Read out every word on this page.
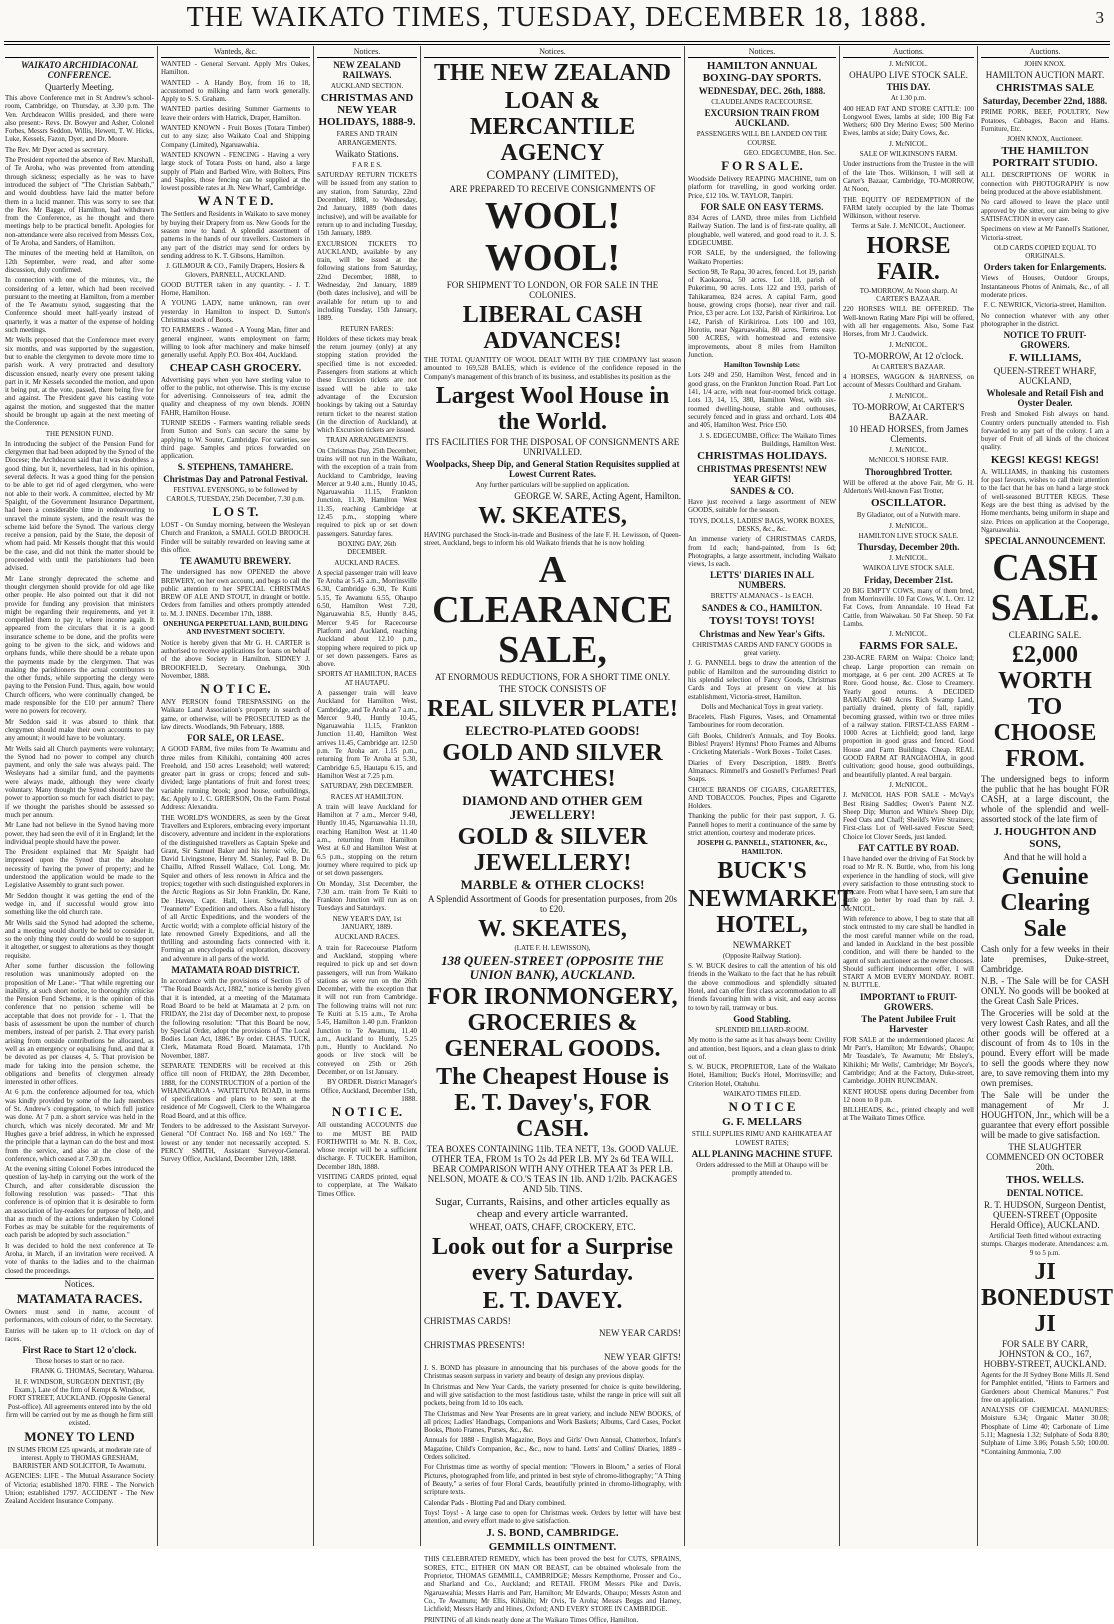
THE WAIKATO TIMES, TUESDAY, DECEMBER 18, 1888.	3

WAIKATO ARCHIDIACONAL CONFERENCE.

Quarterly Meeting.

This above Conference met in St Andrew's school-room, Cambridge, on Thursday, at 3.30 p.m. The Ven. Archdeacon Willis presided, and there were also present:- Revs. Dr. Bowyer and Asher, Colonel Forbes, Messrs Seddon, Willis, Hewett, T. W. Hicks, Luke, Kessels, Fazon, Dyer, and Dr. Moore.

The Rev. Mr Dyer acted as secretary.

The President reported the absence of Rev. Marshall, of Te Aroha, who was prevented from attending through sickness; especially as he was to have introduced the subject of "The Christian Sabbath," and would doubtless have laid the matter before them in a lucid manner. This was sorry to see that the Rev. Mr Bagge, of Hamilton, had withdrawn from the Conference, as he thought and there meetings help to be practical benefit. Apologies for non-attendance were also received from Messrs Cox, of Te Aroha, and Sanders, of Hamilton.

The minutes of the meeting held at Hamilton, on 12th September, were read, and after some discussion, duly confirmed.

In connection with one of the minutes, viz., the considering of a letter, which had been received pursuant to the meeting at Hamilton, from a member of the Te Awamutu synod, suggesting that the Conference should meet half-yearly instead of quarterly, it was a matter of the expense of holding such meetings.

Mr Wells proposed that the Conference meet every six months, and was supported by the suggestion, but to enable the clergymen to devote more time to parish work. A very protracted and desultory discussion ensued, nearly every one present taking part in it. Mr Kessels seconded the motion, and upon it being put, at the vote, passed, there being five for and against. The President gave his casting vote against the motion, and suggested that the matter should be brought up again at the next meeting of the Conference.

THE PENSION FUND.

In introducing the subject of the Pension Fund for clergymen that had been adopted by the Synod of the Diocese; the Archdeacon said that it was doubtless a good thing, but it, nevertheless, had in his opinion, several defects. It was a good thing for the pension to be able to get rid of aged clergymen, who were not able to their work. A committee, elected by Mr Spaight, of the Government Insurance Department, had been a considerable time in endeavouring to unravel the minute system, and the result was the scheme laid before the Synod. The various clergy receive a pension, paid by the State, the deposit of whom had paid. Mr Kessels thought that this would be the case, and did not think the matter should be proceeded with until the parishioners had been advised.

Mr Lane strongly deprecated the scheme and thought clergymen should provide for old age like other people. He also pointed out that it did not provide for funding any provision that ministers might be regarding their requirements, and yet it compelled them to pay it, where income again. It appeared from the circulars that it is a good insurance scheme to be done, and the profits were going to be given to the sick, and widows and orphans funds, while there should be a rebate upon the payments made by the clergymen. That was making the parishioners the actual contributors to the other funds, while supporting the clergy were paying to the Pension Fund. Thus, again, how would Church officers, who were continually changed, be made responsible for the £10 per annum? There were no powers for recovery.

Mr Seddon said it was absurd to think that clergymen should make their own accounts to pay any amount; it would have to be voluntary.

Mr Wells said all Church payments were voluntary; the Synod had no power to compel any church payment, and only the sale was always paid. The Wesleyans had a similar fund, and the payments were always made, although they were clearly voluntary. Many thought the Synod should have the power to apportion so much for each district to pay; if we thought the parishes should be assessed so much per annum.

Mr Lane had not believe in the Synod having more power, they had seen the evil of it in England; let the individual people should have the power.

The President explained that Mr Spaight had impressed upon the Synod that the absolute necessity of having the power of property; and he understood the application would be made to the Legislative Assembly to grant such power.

Mr Seddon thought it was getting the end of the wedge in, and if successful would grow into something like the old church rate.

Mr Wells said the Synod had adopted the scheme, and a meeting would shortly be held to consider it, so the only thing they could do would be to support it altogether, or suggest to alterations as they thought requisite.

After some further discussion the following resolution was unanimously adopted on the proposition of Mr Lane:- "That while regretting our inability, at such short notice, to thoroughly criticise the Pension Fund Scheme, it is the opinion of this conference that no pension scheme will be acceptable that does not provide for - 1. That the basis of assessment be upon the number of church members, instead of per parish. 2. That every parish arising from outside contributions be allocated, as well as an emergency or equalising fund, and that it be devoted as per clauses 4, 5. That provision be made for taking into the pension scheme, the obligations and benefits of clergymen already interested in other offices.

At 6 p.m. the conference adjourned for tea, which was kindly provided by some of the lady members of St. Andrew's congregation, to which full justice was done. At 7 p.m. a short service was held in the church, which was nicely decorated. Mr and Mr Hughes gave a brief address, in which he expressed the principle that a layman can do the best and most from the service, and also at the close of the conference, which ceased at 7.30 p.m.

At the evening sitting Colonel Forbes introduced the question of lay-help in carrying out the work of the Church, and after considerable discussion the following resolution was passed:- "That this conference is of opinion that it is desirable to form an association of lay-readers for purpose of help, and that as much of the actions undertaken by Colonel Forbes as may be suitable for the requirements of each parish be adopted by such association."

It was decided to hold the next conference at Te Aroha, in March, if an invitation were received. A vote of thanks to the ladies and to the chairman closed the proceedings.

Notices.

MATAMATA RACES.

Owners must send in name, account of performances, with colours of rider, to the Secretary.

Entries will be taken up to 11 o'clock on day of races.

First Race to Start 12 o'clock.

Those horses to start or no race.

FRANK G. THOMAS, Secretary, Waharoa.

H. F. WINDSOR, SURGEON DENTIST, (By Exam.), Late of the firm of Kempt & Windsor, FORT STREET, AUCKLAND. (Opposite General Post-office). All agreements entered into by the old firm will be carried out by me as though he firm still existed.

MONEY TO LEND

IN SUMS FROM £25 upwards, at moderate rate of interest. Apply to THOMAS GRESHAM, BARRISTER AND SOLICITOR, Te Awamutu.

AGENCIES: LIFE - The Mutual Assurance Society of Victoria; established 1870. FIRE - The Norwich Union; established 1797. ACCIDENT - The New Zealand Accident Insurance Company.

Wanteds, &c.

WANTED - General Servant. Apply Mrs Oakes, Hamilton.

WANTED - A Handy Boy, from 16 to 18, accustomed to milking and farm work generally. Apply to S. S. Graham.

WANTED parties desiring Summer Garments to leave their orders with Hatrick, Draper, Hamilton.

WANTED KNOWN - Fruit Boxes (Totara Timber) cut to any size; also Waikato Coal and Shipping Company (Limited), Ngaruawahia.

WANTED KNOWN - FENCING - Having a very large stock of Totara Posts on hand, also a large supply of Plain and Barbed Wire, with Bolters, Pins and Staples, those fencing can be supplied at the lowest possible rates at Jh. New Wharf, Cambridge.

W A N T E D.

The Settlers and Residents in Waikato to save money by buying their Drapery from us. New Goods for the season now to hand. A splendid assortment of patterns in the hands of our travellers. Customers in any part of the district may send for orders by sending address to K. T. Gibsons, Hamilton.

J. GILMOUR & CO., Family Drapers, Hosiers & Glovers, PARNELL, AUCKLAND.

GOOD BUTTER taken in any quantity. - J. T. Horne, Hamilton.

A YOUNG LADY, name unknown, ran over yesterday in Hamilton to inspect D. Sutton's Christmas stock of Boots.

TO FARMERS - Wanted - A Young Man, fitter and general engineer, wants employment on farm; willing to look after machinery and make himself generally useful. Apply P.O. Box 404, Auckland.

CHEAP CASH GROCERY.

Advertising pays when you have sterling value to offer to the public, not otherwise. This is my excuse for advertising. Connoisseurs of tea, admit the quality and cheapness of my own blends. JOHN FAHR, Hamilton House.

TURNIP SEEDS - Farmers wanting reliable seeds from Sutton and Son's can secure the same by applying to W. Souter, Cambridge. For varieties, see third page. Samples and prices forwarded on application.

S. STEPHENS, TAMAHERE.

Christmas Day and Patronal Festival.

FESTIVAL EVENSONG, to be followed by CAROLS, TUESDAY, 25th December, 7.30 p.m.

L O S T.

LOST - On Sunday morning, between the Wesleyan Church and Frankton, a SMALL GOLD BROOCH. Finder will be suitably rewarded on leaving same at this office.

TE AWAMUTU BREWERY.

The undersigned has now OPENED the above BREWERY, on her own account, and begs to call the public attention to her SPECIAL CHRISTMAS BREW OF ALE AND STOUT, in draught or bottle. Orders from families and others promptly attended to. M. J. INNES. December 17th, 1888.

ONEHUNGA PERPETUAL LAND, BUILDING AND INVESTMENT SOCIETY.

Notice is hereby given that Mr G. H. CARTER is authorised to receive applications for loans on behalf of the above Society in Hamilton. SIDNEY J. BROOKFIELD, Secretary. Onehunga, 30th November, 1888.

N O T I C E.

ANY PERSON found TRESPASSING on the Waikato Land Association's property in search of game, or otherwise, will be PROSECUTED as the law directs. Woodlands, 9th February, 1888.

FOR SALE, OR LEASE.

A GOOD FARM, five miles from Te Awamutu and three miles from Kihikihi, containing 400 acres Freehold, and 150 acres Leasehold; well watered; greater part in grass or crops; fenced and sub-divided; large plantations of fruit and forest trees; variable running brook; good house, outbuildings, &c. Apply to J. C. GRIERSON, On the Farm. Postal Address: Alexandra.

THE WORLD'S WONDERS, as seen by the Great Travellers and Explorers, embracing every important discovery, adventure and incident in the explorations of the distinguished travellers as Captain Speke and Grant, Sir Samuel Baker and his heroic wife, Dr. David Livingstone, Henry M. Stanley, Paul B. Du Chaillu, Alfred Russell Wallace, Col. Long, Mr. Squier and others of less renown in Africa and the tropics; together with such distinguished explorers in the Arctic Regions as Sir John Franklin, Dr. Kane, De Haven, Capt. Hall, Lieut. Schwatka, the "Jeannette" Expedition and others. Also a full history of all Arctic Expeditions, and the wonders of the Arctic world; with a complete official history of the late renowned Greely Expeditions, and all the thrilling and astounding facts connected with it. Forming an encyclopedia of exploration, discovery and adventure in all parts of the world.

MATAMATA ROAD DISTRICT.

In accordance with the provisions of Section 15 of "The Road Boards Act, 1882," notice is hereby given that it is intended, at a meeting of the Matamata Road Board to be held at Matamata at 2 p.m. on FRIDAY, the 21st day of December next, to propose the following resolution: "That this Board be now, by Special Order, adopt the provisions of The Local Bodies Loan Act, 1886." By order. CHAS. TUCK, Clerk, Matamata Road Board. Matamata, 17th November, 1887.

SEPARATE TENDERS will be received at this office till noon of FRIDAY, the 28th December, 1888, for the CONSTRUCTION of a portion of the WHAINGAROA - WAITETUNA ROAD, in terms of specifications and plans to be seen at the residence of Mr Cogswell, Clerk to the Whaingaroa Road Board, and at this office.

Tenders to be addressed to the Assistant Surveyor-General "Of Contract No. 168 and No 169." The lowest or any tender not necessarily accepted. S. PERCY SMITH, Assistant Surveyor-General. Survey Office, Auckland, December 12th, 1888.

Notices.

NEW ZEALAND RAILWAYS.

AUCKLAND SECTION.

CHRISTMAS AND NEW YEAR HOLIDAYS, 1888-9.

FARES AND TRAIN ARRANGEMENTS.

Waikato Stations.

F A R E S.

SATURDAY RETURN TICKETS will be issued from any station to any station, from Saturday, 22nd December, 1888, to Wednesday, 2nd January, 1889 (both dates inclusive), and will be available for return up to and including Tuesday, 15th January, 1889.

EXCURSION TICKETS TO AUCKLAND, available by any train, will be issued at the following stations from Saturday, 22nd December, 1888, to Wednesday, 2nd January, 1889 (both dates inclusive), and will be available for return up to and including Tuesday, 15th January, 1889.

RETURN FARES:

Holders of these tickets may break the return journey (only) at any stopping station provided the specified time is not exceeded. Passengers from stations at which these Excursion tickets are not issued will be able to take advantage of the Excursion bookings by taking out a Saturday return ticket to the nearest station (in the direction of Auckland), at which Excursion tickets are issued.

TRAIN ARRANGEMENTS.

On Christmas Day, 25th December, trains will not run in the Waikato, with the exception of a train from Auckland to Cambridge, leaving Mercer at 9.40 a.m., Huntly 10.45, Ngaruawahia 11.15, Frankton Junction, 11.30, Hamilton West 11.35, reaching Cambridge at 12.45 p.m., stopping where required to pick up or set down passengers. Saturday fares.

BOXING DAY, 26th DECEMBER.

AUCKLAND RACES.

A special passenger train will leave Te Aroha at 5.45 a.m., Morrinsville 6.30, Cambridge 6.30, Te Kuiti 5.15, Te Awamutu 6.55, Ohaupo 6.50, Hamilton West 7.20, Ngaruawahia 8.5, Huntly 8.45, Mercer 9.45 for Racecourse Platform and Auckland, reaching Auckland about 12.10 p.m., stopping where required to pick up or set down passengers. Fares as above.

SPORTS AT HAMILTON, RACES AT HAUTAPU.

A passenger train will leave Auckland for Hamilton West, Cambridge, and Te Aroha at 7 a.m., Mercer 9.40, Huntly 10.45, Ngaruawahia 11.15, Frankton Junction 11.40, Hamilton West arrives 11.45, Cambridge arr. 12.50 p.m. Te Aroha arr. 1.15 p.m., returning from Te Aroha at 5.30, Cambridge 6.5, Hautapu 6.15, and Hamilton West at 7.25 p.m.

SATURDAY, 29th DECEMBER.

RACES AT HAMILTON.

A train will leave Auckland for Hamilton at 7 a.m., Mercer 9.40, Huntly 10.45, Ngaruawahia 11.10, reaching Hamilton West at 11.40 a.m., returning from Hamilton West at 6.0 and Hamilton West at 6.5 p.m., stopping on the return journey where required to pick up or set down passengers.

On Monday, 31st December, the 7.30 a.m. train from Te Kuiti to Frankton Junction will run as on Tuesdays and Saturdays.

NEW YEAR'S DAY, 1st JANUARY, 1889.

AUCKLAND RACES.

A train for Racecourse Platform and Auckland, stopping where required to pick up and set down passengers, will run from Waikato stations as were run on the 26th December, with the exception that it will not run from Cambridge. The following trains will not run: Te Kuiti at 5.15 a.m., Te Aroha 5.45, Hamilton 1.40 p.m. Frankton Junction to Te Awamutu, 11.40 a.m., Auckland to Huntly, 5.25 p.m., Huntly to Auckland. No goods or live stock will be conveyed on 25th or 26th December, or on 1st January.

BY ORDER. District Manager's Office, Auckland, December 15th, 1888.

N O T I C E.

All outstanding ACCOUNTS due to me MUST BE PAID FORTHWITH to Mr. N. B. Cox, whose receipt will be a sufficient discharge. F. TUCKER. Hamilton, December 18th, 1888.

VISITING CARDS printed, equal to copperplate, at The Waikato Times Office.

Notices.

THE NEW ZEALAND

LOAN & MERCANTILE AGENCY

COMPANY (LIMITED),

ARE PREPARED TO RECEIVE CONSIGNMENTS OF

WOOL!

WOOL!

FOR SHIPMENT TO LONDON, OR FOR SALE IN THE COLONIES.

LIBERAL CASH ADVANCES!

THE TOTAL QUANTITY OF WOOL DEALT WITH BY THE COMPANY last season amounted to 169,528 BALES, which is evidence of the confidence reposed in the Company's management of this branch of its business, and establishes its position as the

Largest Wool House in the World.

ITS FACILITIES FOR THE DISPOSAL OF CONSIGNMENTS ARE UNRIVALLED.

Woolpacks, Sheep Dip, and General Station Requisites supplied at Lowest Current Rates.

Any further particulars will be supplied on application.

GEORGE W. SARE, Acting Agent, Hamilton.

W. SKEATES,

HAVING purchased the Stock-in-trade and Business of the late F. H. Lewisson, of Queen-street, Auckland, begs to inform his old Waikato friends that he is now holding

A CLEARANCE SALE,

AT ENORMOUS REDUCTIONS, FOR A SHORT TIME ONLY.

THE STOCK CONSISTS OF

REAL SILVER PLATE!

ELECTRO-PLATED GOODS!

GOLD AND SILVER WATCHES!

DIAMOND AND OTHER GEM JEWELLERY!

GOLD & SILVER JEWELLERY!

MARBLE & OTHER CLOCKS!

A Splendid Assortment of Goods for presentation purposes, from 20s to £20.

W. SKEATES,

(LATE F. H. LEWISSON),

138 QUEEN-STREET (OPPOSITE THE UNION BANK), AUCKLAND.

FOR IRONMONGERY, GROCERIES & GENERAL GOODS.

The Cheapest House is E. T. Davey's, FOR CASH.

TEA BOXES CONTAINING 11lb. TEA NETT, 13s. GOOD VALUE. OTHER TEA, FROM 1s TO 2s 4d PER LB. MY 2s 6d TEA WILL BEAR COMPARISON WITH ANY OTHER TEA AT 3s PER LB. NELSON, MOATE & CO.'S TEAS IN 1lb. AND 1/2lb. PACKAGES AND 5lb. TINS.

Sugar, Currants, Raisins, and other articles equally as cheap and every article warranted.

WHEAT, OATS, CHAFF, CROCKERY, ETC.

Look out for a Surprise every Saturday.

E. T. DAVEY.

CHRISTMAS CARDS!

NEW YEAR CARDS!

CHRISTMAS PRESENTS!

NEW YEAR GIFTS!

J. S. BOND has pleasure in announcing that his purchases of the above goods for the Christmas season surpass in variety and beauty of design any previous display.

In Christmas and New Year Cards, the variety presented for choice is quite bewildering, and will give satisfaction to the most fastidious taste, whilst the range in price will suit all pockets, being from 1d to 10s each.

The Christmas and New Year Presents are in great variety, and include NEW BOOKS, of all prices; Ladies' Handbags, Companions and Work Baskets; Albums, Card Cases, Pocket Books, Photo Frames, Purses, &c., &c.

Annuals for 1888 - English Magazine, Boys and Girls' Own Annual, Chatterbox, Infant's Magazine, Child's Companion, &c., &c., now to hand. Letts' and Collins' Diaries, 1889 - Orders solicited.

For Christmas time as worthy of special mention: "Flowers in Bloom," a series of Floral Pictures, photographed from life, and printed in best style of chromo-lithography; "A Thing of Beauty," a series of four Floral Cards, beautifully printed in chromo-lithography, with scripture texts.

Calendar Pads - Blotting Pad and Diary combined.

Toys! Toys! - A large case to open for Christmas week. Orders by letter will have best attention, and every effort made to give satisfaction.

J. S. BOND, CAMBRIDGE.

GEMMILLS OINTMENT.

THIS CELEBRATED REMEDY, which has been proved the best for CUTS, SPRAINS, SORES, ETC., EITHER ON MAN OR BEAST, can be obtained wholesale from the Proprietor, THOMAS GEMMILL, CAMBRIDGE; Messrs Kempthorne, Prosser and Co., and Sharland and Co., Auckland; and RETAIL FROM Messrs Pike and Davis, Ngaruawahia; Messrs Harris and Parr, Hamilton; Mr Edwards, Ohaupo; Messrs Aston and Co., Te Awamutu; Mr Ellis, Kihikihi; Mr Ovis, Te Aroha; Messrs Beggs and Hamey, Lichfield; Messrs Hardy and Hines, Oxford; AND EVERY STORE IN CAMBRIDGE.

PRINTING of all kinds neatly done at The Waikato Times Office, Hamilton.

Notices.

HAMILTON ANNUAL BOXING-DAY SPORTS.

WEDNESDAY, DEC. 26th, 1888.

CLAUDELANDS RACECOURSE.

EXCURSION TRAIN FROM AUCKLAND.

PASSENGERS WILL BE LANDED ON THE COURSE.

GEO. EDGECUMBE, Hon. Sec.

F O R S A L E.

Woodside Delivery REAPING MACHINE, turn on platform for travelling, in good working order. Price, £12 10s. W. TAYLOR, Tanpiri.

FOR SALE ON EASY TERMS.

834 Acres of LAND, three miles from Lichfield Railway Station. The land is of first-rate quality, all ploughable, well watered, and good road to it. J. S. EDGECUMBE.

FOR SALE, by the undersigned, the following Waikato Properties:

Section 98, Te Rapa, 30 acres, fenced. Lot 19, parish of Kaokaoroa, 50 acres. Lot 118, parish of Pukerimu, 90 acres. Lots 122 and 193, parish of Tahikaramea, 824 acres. A capital Farm, good house, growing crops (horse), near river and rail. Price, £3 per acre. Lot 132, Parish of Kirikiriroa. Lot 142, Parish of Kirikiriroa. Lots 100 and 103, Horotiu, near Ngaruawahia, 80 acres. Terms easy. 500 ACRES, with homestead and extensive improvements, about 8 miles from Hamilton Junction.

Hamilton Township Lots:

Lots 249 and 250, Hamilton West, fenced and in good grass, on the Frankton Junction Road. Part Lot 141, 1/4 acre, with neat four-roomed brick cottage. Lots 13, 14, 15, 380, Hamilton West, with six-roomed dwelling-house, stable and outhouses, securely fenced and in grass and orchard. Lots 404 and 405, Hamilton West. Price £50.

J. S. EDGECUMBE, Office: The Waikato Times Buildings, Hamilton West.

CHRISTMAS HOLIDAYS.

CHRISTMAS PRESENTS! NEW YEAR GIFTS!

SANDES & CO.

Have just received a large assortment of NEW GOODS, suitable for the season.

TOYS, DOLLS, LADIES' BAGS, WORK BOXES, DESKS, &c., &c.

An immense variety of CHRISTMAS CARDS, from 1d each; hand-painted, from 1s 6d; Photographs, a large assortment, including Waikato views, 1s each.

LETTS' DIARIES IN ALL NUMBERS.

BRETTS' ALMANACS - 1s EACH.

SANDES & CO., HAMILTON.

TOYS! TOYS! TOYS!

Christmas and New Year's Gifts.

CHRISTMAS CARDS AND FANCY GOODS in great variety.

J. G. PANNELL begs to draw the attention of the public of Hamilton and the surrounding district to his splendid selection of Fancy Goods, Christmas Cards and Toys at present on view at his establishment, Victoria-street, Hamilton.

Dolls and Mechanical Toys in great variety.

Bracelets, Flash Figures, Vases, and Ornamental Tambourines for room decoration.

Gift Books, Children's Annuals, and Toy Books. Bibles! Prayers! Hymns! Photo Frames and Albums - Cricketing Materials - Work Boxes - Toilet Cases.

Diaries of Every Description, 1889. Brett's Almanacs. Rimmell's and Gosnell's Perfumes! Pearl Soaps.

CHOICE BRANDS OF CIGARS, CIGARETTES, AND TOBACCOS. Pouches, Pipes and Cigarette Holders.

Thanking the public for their past support, J. G. Pannell hopes to merit a continuance of the same by strict attention, courtesy and moderate prices.

JOSEPH G. PANNELL, STATIONER, &c., HAMILTON.

BUCK'S

NEWMARKET HOTEL,

NEWMARKET

(Opposite Railway Station).

S. W. BUCK desires to call the attention of his old friends in the Waikato to the fact that he has rebuilt the above commodious and splendidly situated Hotel, and can offer first class accommodation to all friends favouring him with a visit, and easy access to town by rail, tramway or bus.

Good Stabling.

SPLENDID BILLIARD-ROOM.

My motto is the same as it has always been: Civility and attention, best liquors, and a clean glass to drink out of.

S. W. BUCK, PROPRIETOR, Late of the Waikato Hotel, Hamilton; Buck's Hotel, Morrinsville; and Criterion Hotel, Otahuhu.

WAIKATO TIMES FILED.

N O T I C E

G. F. MELLARS

STILL SUPPLIES RIMU AND KAHIKATEA AT LOWEST RATES;

ALL PLANING MACHINE STUFF.

Orders addressed to the Mill at Ohaupo will be promptly attended to.

Auctions.

J. McNICOL.

OHAUPO LIVE STOCK SALE.

THIS DAY.

At 1.30 p.m.

400 HEAD FAT AND STORE CATTLE: 100 Longwool Ewes, lambs at side; 100 Big Fat Wethers; 600 Dry Merino Ewes; 500 Merino Ewes, lambs at side; Dairy Cows, &c.

J. McNICOL.

SALE OF WILKINSON'S FARM.

Under instructions from the Trustee in the will of the late Thos. Wilkinson, I will sell at Carter's Bazaar, Cambridge, TO-MORROW, At Noon,

THE EQUITY OF REDEMPTION of the FARM lately occupied by the late Thomas Wilkinson, without reserve.

Terms at Sale. J. McNICOL, Auctioneer.

HORSE FAIR.

TO-MORROW, At Noon sharp. At CARTER'S BAZAAR.

220 HORSES WILL BE OFFERED. The Well-known Rating Mare Pipi will be offered, with all her engagements. Also, Some Fast Horses, from Mr J. Caudwick.

J. McNICOL.

TO-MORROW, At 12 o'clock.

At CARTER'S BAZAAR.

4 HORSES, WAGGON & HARNESS, on account of Messrs Coulthard and Graham.

J. McNICOL.

TO-MORROW, At CARTER'S BAZAAR.

10 HEAD HORSES, from James Clements.

J. McNICOL.

McNICOL'S HORSE FAIR.

Thoroughbred Trotter.

Will be offered at the above Fair, Mr G. H. Alderton's Well-known Fast Trotter,

OSCILLATOR.

By Gladiator, out of a Nutwith mare.

J. McNICOL.

HAMILTON LIVE STOCK SALE.

Thursday, December 20th.

J. McNICOL.

WAIKOA LIVE STOCK SALE.

Friday, December 21st.

20 BIG EMPTY COWS, many of them bred, from Morrinsville. 10 Fat Cows, W. L. Orr. 12 Fat Cows, from Annandale. 10 Head Fat Cattle, from Waiwakau. 50 Fat Sheep. 50 Fat Lambs.

J. McNICOL.

FARMS FOR SALE.

230-ACRE FARM on Waipa: Choice land; cheap. Large proportion can remain on mortgage, at 6 per cent. 200 ACRES at Te Rore. Good house, &c. Close to Creamery. Yearly good returns. A DECIDED BARGAIN: 640 Acres Rich Swamp Land, partially drained, plenty of fall, rapidly becoming grassed, within two or three miles of a railway station. FIRST-CLASS FARM - 1000 Acres at Lichfield; good land, large proportion in good grass and fenced. Good House and Farm Buildings. Cheap. REAL GOOD FARM AT RANGIAOHIA, in good cultivation; good house, good outbuildings, and beautifully planted. A real bargain.

J. McNICOL.

J. McNICOL HAS FOR SALE - McVay's Best Rising Saddles; Owen's Patent N.Z. Sheep Dip; Murton and White's Sheep Dip; Feed Oats and Chaff; Sheild's Wire Strainers; First-class Lot of Well-saved Fescue Seed; Choice lot Clover Seeds, just landed.

FAT CATTLE BY ROAD.

I have handed over the driving of Fat Stock by road to Mr R. N. Buttle, who, from his long experience in the handling of stock, will give every satisfaction to those entrusting stock to his care. From what I have seen, I am sure that cattle go better by road than by rail. J. McNICOL.

With reference to above, I beg to state that all stock entrusted to my care shall be handled in the most careful manner while on the road, and landed in Auckland in the best possible condition, and will there be handed to the agent of such auctioneer as the owner chooses. Should sufficient inducement offer, I will START A MOB EVERY MONDAY. ROBT. N. BUTTLE.

IMPORTANT to FRUIT-GROWERS.

The Patent Jubilee Fruit Harvester

FOR SALE at the undermentioned places: At Mr Parr's, Hamilton; Mr Edwards', Ohaupo; Mr Teasdale's, Te Awamutu; Mr Ebsley's, Kihikihi; Mr Wells', Cambridge; Mr Boyce's, Cambridge; And at the Factory, Duke-street, Cambridge. JOHN RUNCIMAN.

KENT HOUSE opens during December from 12 noon to 8 p.m.

BILLHEADS, &c., printed cheaply and well at The Waikato Times Office.

Auctions.

JOHN KNOX.

HAMILTON AUCTION MART.

CHRISTMAS SALE

Saturday, December 22nd, 1888.

PRIME PORK, BEEF, POULTRY, New Potatoes, Cabbages, Bacon and Hams. Furniture, Etc.

JOHN KNOX, Auctioneer.

THE HAMILTON PORTRAIT STUDIO.

ALL DESCRIPTIONS OF WORK in connection with PHOTOGRAPHY is now being produced at the above establishment.

No card allowed to leave the place until approved by the sitter, our aim being to give SATISFACTION in every case.

Specimens on view at Mr Pannell's Stationer, Victoria-street.

OLD CARDS COPIED EQUAL TO ORIGINALS.

Orders taken for Enlargements.

Views of Houses, Outdoor Groups, Instantaneous Photos of Animals, &c., of all moderate prices.

F. C. NEWRICK, Victoria-street, Hamilton.

No connection whatever with any other photographer in the district.

NOTICE TO FRUIT-GROWERS.

F. WILLIAMS,

QUEEN-STREET WHARF, AUCKLAND,

Wholesale and Retail Fish and Oyster Dealer.

Fresh and Smoked Fish always on hand. Country orders punctually attended to. Fish forwarded to any part of the colony. I am a buyer of Fruit of all kinds of the choicest quality.

KEGS! KEGS! KEGS!

A. WILLIAMS, in thanking his customers for past favours, wishes to call their attention to the fact that he has on hand a large stock of well-seasoned BUTTER KEGS. These Kegs are the best thing as advised by the Home merchants, being uniform in shape and size. Prices on application at the Cooperage, Ngaruawahia.

SPECIAL ANNOUNCEMENT.

CASH SALE.

CLEARING SALE.

£2,000 WORTH TO CHOOSE FROM.

The undersigned begs to inform the public that he has bought FOR CASH, at a large discount, the whole of the splendid and well-assorted stock of the late firm of

J. HOUGHTON AND SONS,

And that he will hold a

Genuine Clearing Sale

Cash only for a few weeks in their late premises, Duke-street, Cambridge.

N.B. - The Sale will be for CASH ONLY. No goods will be booked at the Great Cash Sale Prices.

The Groceries will be sold at the very lowest Cash Rates, and all the other goods will be offered at a discount of from 4s to 10s in the pound. Every effort will be made to sell the goods where they now are, to save removing them into my own premises.

The Sale will be under the management of Mr J. HOUGHTON, Jnr., which will be a guarantee that every effort possible will be made to give satisfaction.

THE SLAUGHTER COMMENCED ON OCTOBER 20th.

THOS. WELLS.

DENTAL NOTICE.

R. T. HUDSON, Surgeon Dentist, QUEEN-STREET (Opposite Herald Office), AUCKLAND.

Artificial Teeth fitted without extracting stumps. Charges moderate. Attendances: a.m. 9 to 5 p.m.

JI BONEDUST JI

FOR SALE BY CARR, JOHNSTON & CO., 167, HOBBY-STREET, AUCKLAND.

Agents for the JI Sydney Bone Mills JI. Send for Pamphlet entitled, "Hints to Farmers and Gardeners about Chemical Manures." Post free on application.

ANALYSIS OF CHEMICAL MANURES: Moisture 6.34; Organic Matter 30.08; Phosphate of Lime 40; Carbonate of Lime 5.11; Magnesia 1.32; Sulphate of Soda 8.80; Sulphate of Lime 3.86; Potash 5.50; 100.00. *Containing Ammonia, 7.00
